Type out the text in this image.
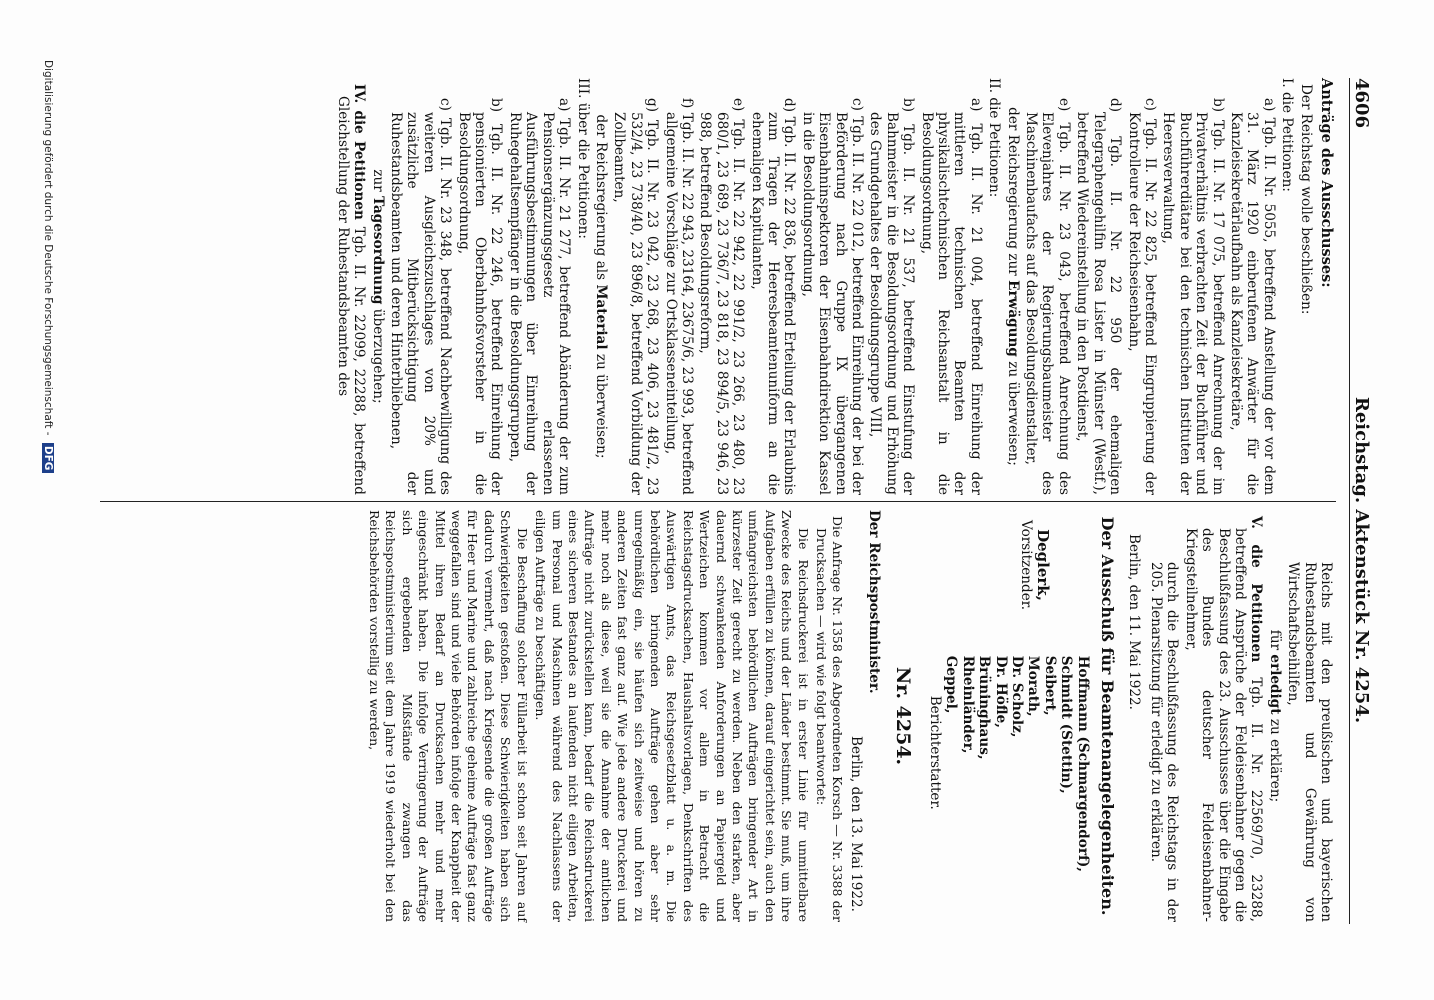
4606
Reichstag. Aktenstück Nr. 4254.

Anträge des Ausschusses:

Der Reichstag wolle beschließen:

I. die Petitionen:

a) Tgb. II. Nr. 5055, betreffend Anstellung der vor dem 31. März 1920 einberufenen Anwärter für die Kanzleisekretärlaufbahn als Kanzleisekretäre,

b) Tgb. II. Nr. 17 075, betreffend Anrechnung der im Privatverhältnis verbrachten Zeit der Buchführer und Buchführerdiätare bei den technischen Instituten der Heeresverwaltung,

c) Tgb. II. Nr. 22 825, betreffend Eingruppierung der Kontrolleure der Reichseisenbahn,

d) Tgb. II. Nr. 22 950 der ehemaligen Telegraphengehilfin Rosa Lister in Münster (Westf.), betreffend Wiedereinstellung in den Postdienst,

e) Tgb. II. Nr. 23 043, betreffend Anrechnung des Elevenjahres der Regierungsbaumeister des Maschinenbaufachs auf das Besoldungsdienstalter,

der Reichsregierung zur Erwägung zu überweisen;

II. die Petitionen:

a) Tgb. II. Nr. 21 004, betreffend Einreihung der mittleren technischen Beamten der physikalischtechnischen Reichsanstalt in die Besoldungsordnung,

b) Tgb. II. Nr. 21 537, betreffend Einstufung der Bahnmeister in die Besoldungsordnung und Erhöhung des Grundgehaltes der Besoldungsgruppe VIII,

c) Tgb. II. Nr. 22 012, betreffend Einreihung der bei der Beförderung nach Gruppe IX übergangenen Eisenbahninspektoren der Eisenbahndirektion Kassel in die Besoldungsordnung,

d) Tgb. II. Nr. 22 836, betreffend Erteilung der Erlaubnis zum Tragen der Heeresbeamtenuniform an die ehemaligen Kapitulanten,

e) Tgb. II. Nr. 22 942, 22 991/2, 23 266, 23 480, 23 680/1, 23 689, 23 736/7, 23 818, 23 894/5, 23 946, 23 988, betreffend Besoldungsreform,

f) Tgb. II. Nr. 22 943, 23164, 23675/6, 23 993, betreffend allgemeine Vorschläge zur Ortsklasseneinteilung,

g) Tgb. II. Nr. 23 042, 23 268, 23 406, 23 481/2, 23 532/4, 23 738/40, 23 896/8, betreffend Vorbildung der Zollbeamten,

der Reichsregierung als Material zu überweisen;

III. über die Petitionen:

a) Tgb. II. Nr. 21 277, betreffend Abänderung der zum Pensionsergänzungsgesetz erlassenen Ausführungsbestimmungen über Einreihung der Ruhegehaltsempfänger in die Besoldungsgruppen,

b) Tgb. II. Nr. 22 246, betreffend Einreihung der pensionierten Oberbahnhofsvorsteher in die Besoldungsordnung,

c) Tgb. II. Nr. 23 348, betreffend Nachbewilligung des weiteren Ausgleichszuschlages von 20% und zusätzliche Mitberücksichtigung der Ruhestandsbeamten und deren Hinterbliebenen,

zur Tagesordnung überzugehen;

IV. die Petitionen Tgb. II. Nr. 22099, 22288, betreffend Gleichstellung der Ruhestandsbeamten des

Reichs mit den preußischen und bayerischen Ruhestandsbeamten und Gewährung von Wirtschaftsbeihilfen,

für erledigt zu erklären;

V. die Petitionen Tgb. II. Nr. 22569/70, 23288, betreffend Ansprüche der Feldeisenbahner gegen die Beschlußfassung des 23. Ausschusses über die Eingabe des Bundes deutscher Feldeisenbahner-Kriegsteilnehmer,

durch die Beschlußfassung des Reichstags in der 205. Plenarsitzung für erledigt zu erklären.

Berlin, den 11. Mai 1922.

Der Ausschuß für Beamtenangelegenheiten.

Deglerk,
Vorsitzender.
Hoffmann (Schmargendorf),
Schmidt (Stettin),
Seibert,
Morath,
Dr. Scholz,
Dr. Höfle,
Brüninghaus,
Rheinländer,
Geppel,
Berichterstatter.

Nr. 4254.

Der Reichspostminister.

Berlin, den 13. Mai 1922.

Die Anfrage Nr. 1358 des Abgeordneten Korsch — Nr. 3388 der Drucksachen — wird wie folgt beantwortet:

Die Reichsdruckerei ist in erster Linie für unmittelbare Zwecke des Reichs und der Länder bestimmt. Sie muß, um ihre Aufgaben erfüllen zu können, darauf eingerichtet sein, auch den umfangreichsten behördlichen Aufträgen bringender Art in kürzester Zeit gerecht zu werden. Neben den starken, aber dauernd schwankenden Anforderungen an Papiergeld und Wertzeichen kommen vor allem in Betracht die Reichstagsdrucksachen, Haushaltsvorlagen, Denkschriften des Auswärtigen Amts, das Reichsgesetzblatt u. a. m. Die behördlichen bringenden Aufträge gehen aber sehr unregelmäßig ein, sie häufen sich zeitweise und hören zu anderen Zeiten fast ganz auf. Wie jede andere Druckerei und mehr noch als diese, weil sie die Annahme der amtlichen Aufträge nicht zurückstellen kann, bedarf die Reichsdruckerei eines sicheren Bestandes an laufenden nicht eiligen Arbeiten, um Personal und Maschinen während des Nachlassens der eiligen Aufträge zu beschäftigen.

Die Beschaffung solcher Füllarbeit ist schon seit Jahren auf Schwierigkeiten gestoßen. Diese Schwierigkeiten haben sich dadurch vermehrt, daß nach Kriegsende die großen Aufträge für Heer und Marine und zahlreiche geheime Aufträge fast ganz weggefallen sind und viele Behörden infolge der Knappheit der Mittel ihren Bedarf an Drucksachen mehr und mehr eingeschränkt haben. Die infolge Verringerung der Aufträge sich ergebenden Mißstände zwangen das Reichspostministerium seit dem Jahre 1919 wiederholt bei den Reichsbehörden vorstellig zu werden,

Digitalisierung gefördert durch die Deutsche Forschungsgemeinschaft - DFG
